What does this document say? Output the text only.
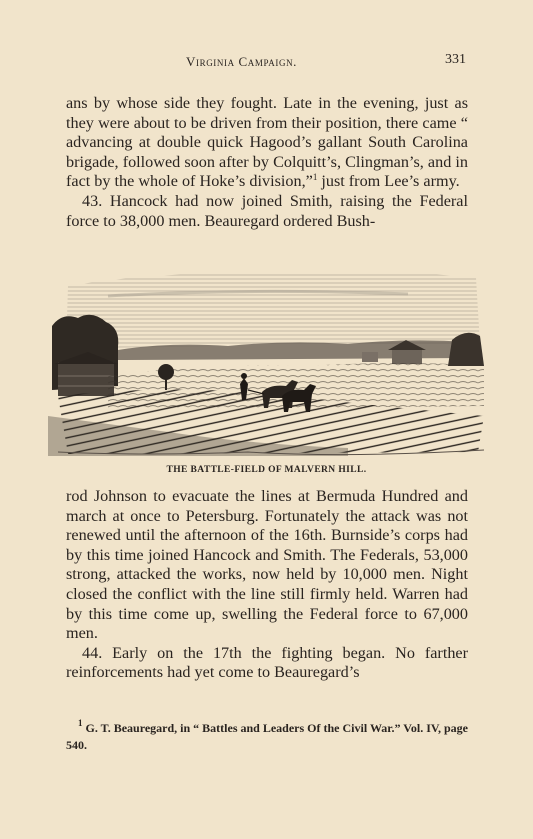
Virginia Campaign.	331

ans by whose side they fought. Late in the evening, just as they were about to be driven from their position, there came “ advancing at double quick Hagood’s gallant South Carolina brigade, followed soon after by Colquitt’s, Clingman’s, and in fact by the whole of Hoke’s division,”$^1$ just from Lee’s army.

43. Hancock had now joined Smith, raising the Federal force to 38,000 men. Beauregard ordered Bush-

THE BATTLE-FIELD OF MALVERN HILL.

rod Johnson to evacuate the lines at Bermuda Hundred and march at once to Petersburg. Fortunately the attack was not renewed until the afternoon of the 16th. Burnside’s corps had by this time joined Hancock and Smith. The Federals, 53,000 strong, attacked the works, now held by 10,000 men. Night closed the conflict with the line still firmly held. Warren had by this time come up, swelling the Federal force to 67,000 men.

44. Early on the 17th the fighting began. No farther reinforcements had yet come to Beauregard’s

$^1$ G. T. Beauregard, in “ Battles and Leaders Of the Civil War.” Vol. IV, page 540.
